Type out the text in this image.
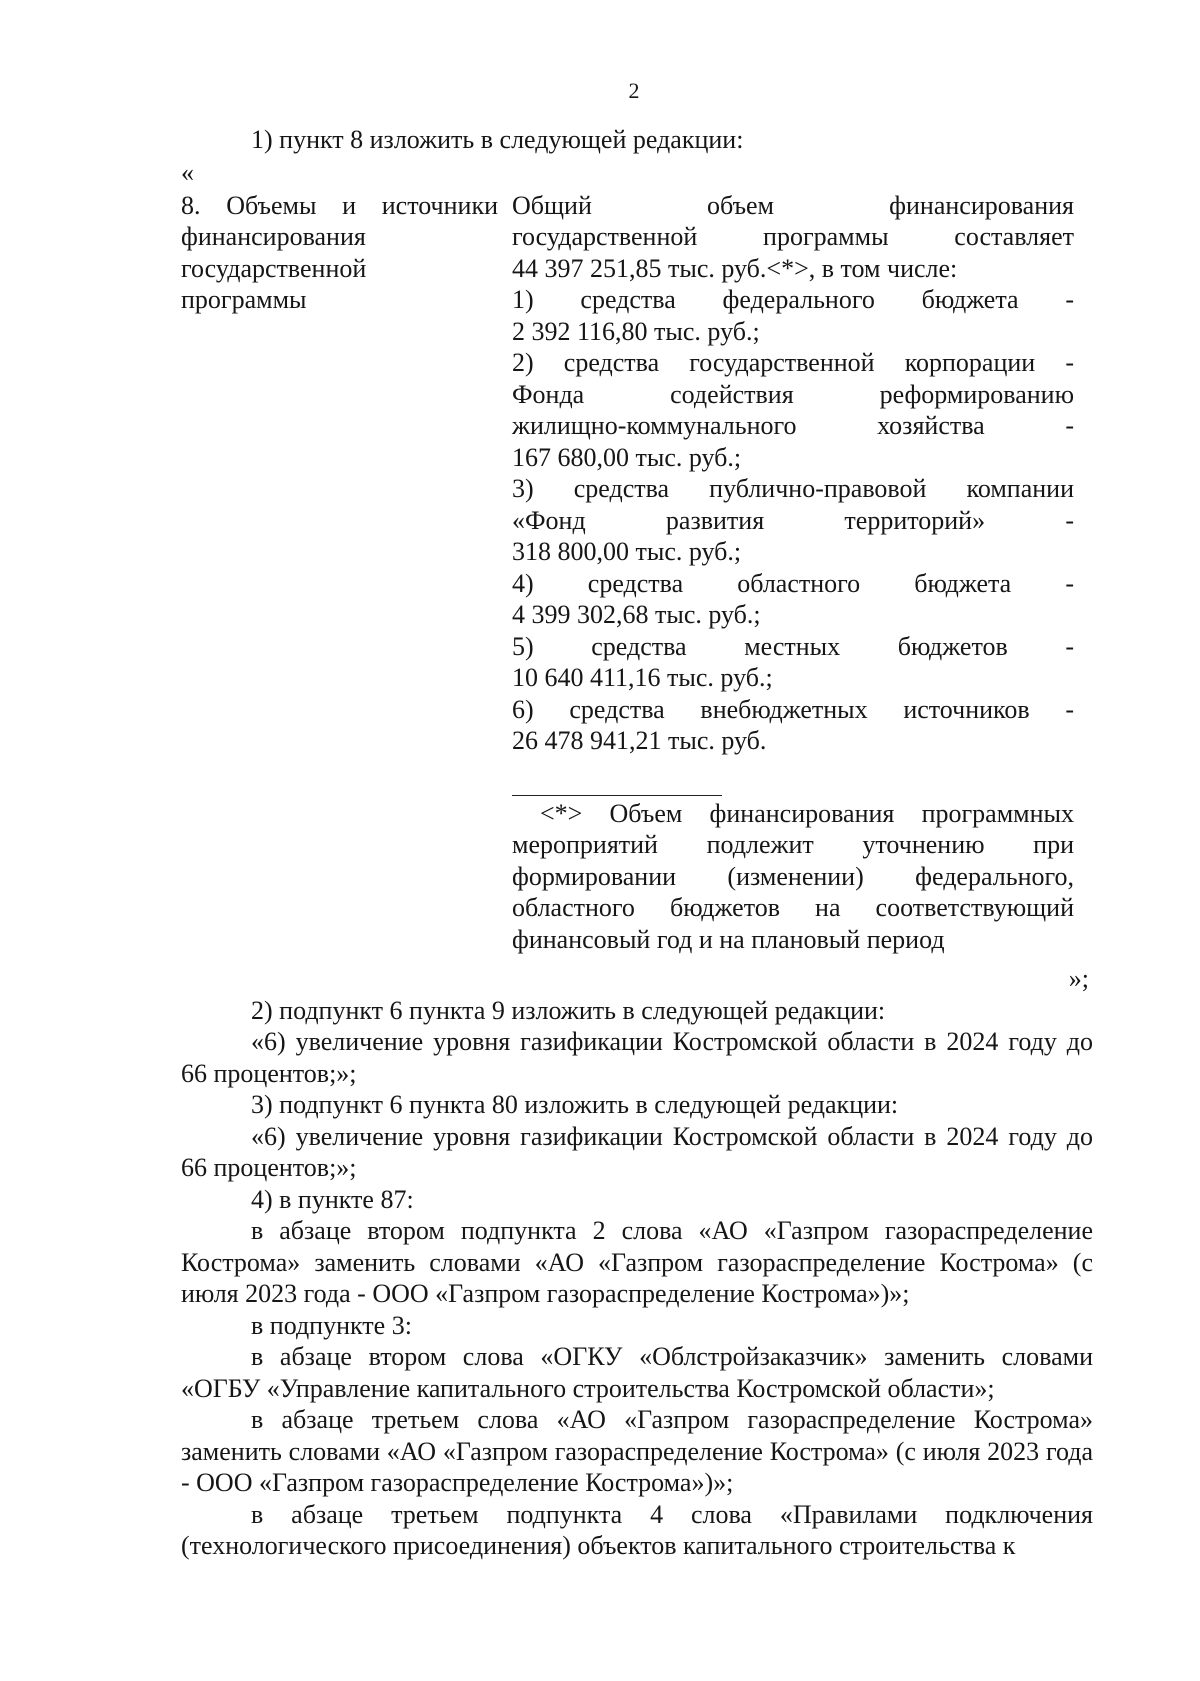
2

1) пункт 8 изложить в следующей редакции:

«

8. Объемы и источники
финансирования
государственной
программы
Общий объем финансирования
государственной программы составляет
44 397 251,85 тыс. руб.<*>, в том числе:
1) средства федерального бюджета -
2 392 116,80 тыс. руб.;
2) средства государственной корпорации -
Фонда содействия реформированию
жилищно-коммунального хозяйства -
167 680,00 тыс. руб.;
3) средства публично-правовой компании
«Фонд развития территорий» -
318 800,00 тыс. руб.;
4) средства областного бюджета -
4 399 302,68 тыс. руб.;
5) средства местных бюджетов -
10 640 411,16 тыс. руб.;
6) средства внебюджетных источников -
26 478 941,21 тыс. руб.
<*> Объем финансирования программных мероприятий подлежит уточнению при формировании (изменении) федерального, областного бюджетов на соответствующий финансовый год и на плановый период

»;

2) подпункт 6 пункта 9 изложить в следующей редакции:

«6) увеличение уровня газификации Костромской области в 2024 году до 66 процентов;»;

3) подпункт 6 пункта 80 изложить в следующей редакции:

«6) увеличение уровня газификации Костромской области в 2024 году до 66 процентов;»;

4) в пункте 87:

в абзаце втором подпункта 2 слова «АО «Газпром газораспределение Кострома» заменить словами «АО «Газпром газораспределение Кострома» (с июля 2023 года - ООО «Газпром газораспределение Кострома»)»;

в подпункте 3:

в абзаце втором слова «ОГКУ «Облстройзаказчик» заменить словами «ОГБУ «Управление капитального строительства Костромской области»;

в абзаце третьем слова «АО «Газпром газораспределение Кострома» заменить словами «АО «Газпром газораспределение Кострома» (с июля 2023 года - ООО «Газпром газораспределение Кострома»)»;

в абзаце третьем подпункта 4 слова «Правилами подключения (технологического присоединения) объектов капитального строительства к
